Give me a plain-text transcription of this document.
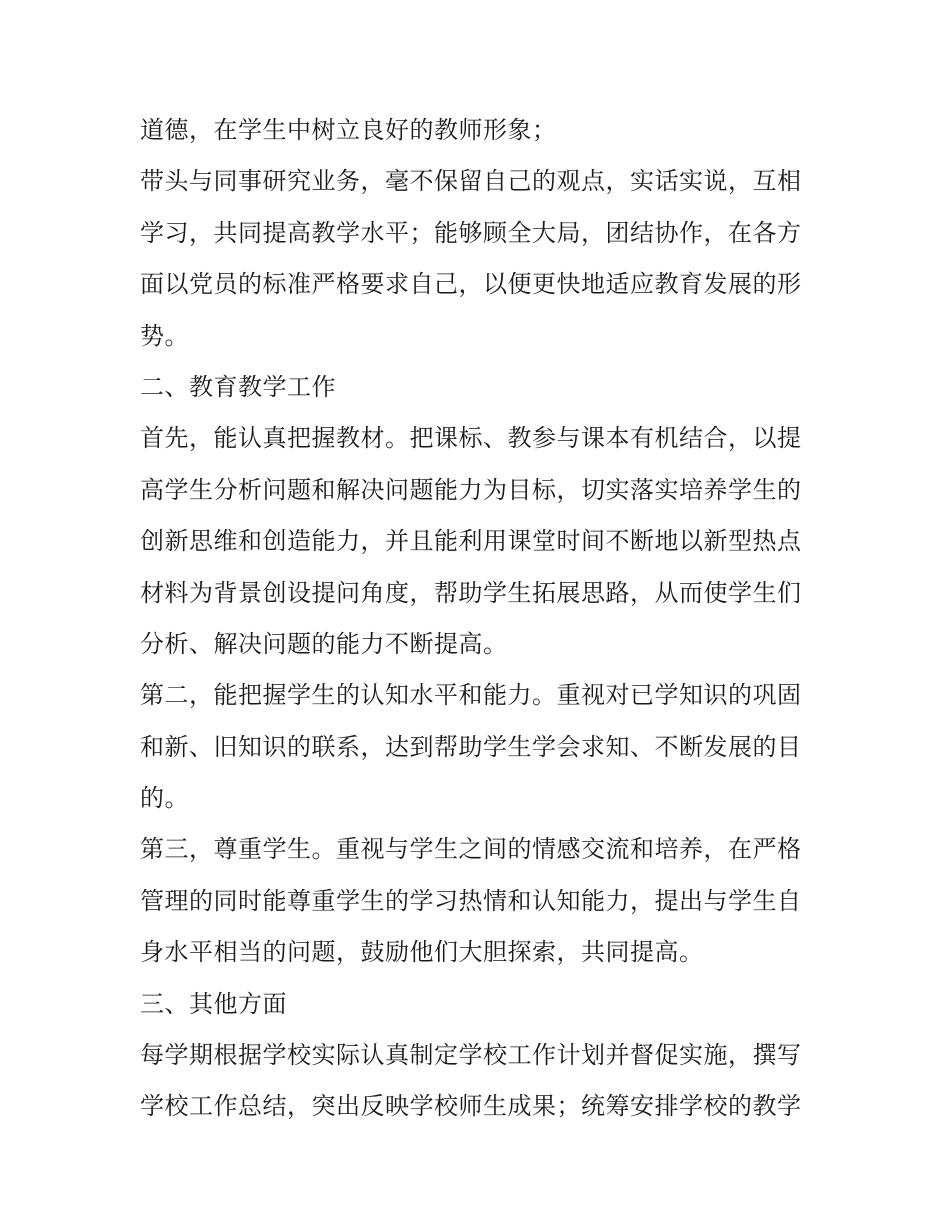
道德，在学生中树立良好的教师形象；
带头与同事研究业务，毫不保留自己的观点，实话实说，互相
学习，共同提高教学水平；能够顾全大局，团结协作，在各方
面以党员的标准严格要求自己，以便更快地适应教育发展的形
势。
二、教育教学工作
首先，能认真把握教材。把课标、教参与课本有机结合，以提
高学生分析问题和解决问题能力为目标，切实落实培养学生的
创新思维和创造能力，并且能利用课堂时间不断地以新型热点
材料为背景创设提问角度，帮助学生拓展思路，从而使学生们
分析、解决问题的能力不断提高。
第二，能把握学生的认知水平和能力。重视对已学知识的巩固
和新、旧知识的联系，达到帮助学生学会求知、不断发展的目
的。
第三，尊重学生。重视与学生之间的情感交流和培养，在严格
管理的同时能尊重学生的学习热情和认知能力，提出与学生自
身水平相当的问题，鼓励他们大胆探索，共同提高。
三、其他方面
每学期根据学校实际认真制定学校工作计划并督促实施，撰写
学校工作总结，突出反映学校师生成果；统筹安排学校的教学
